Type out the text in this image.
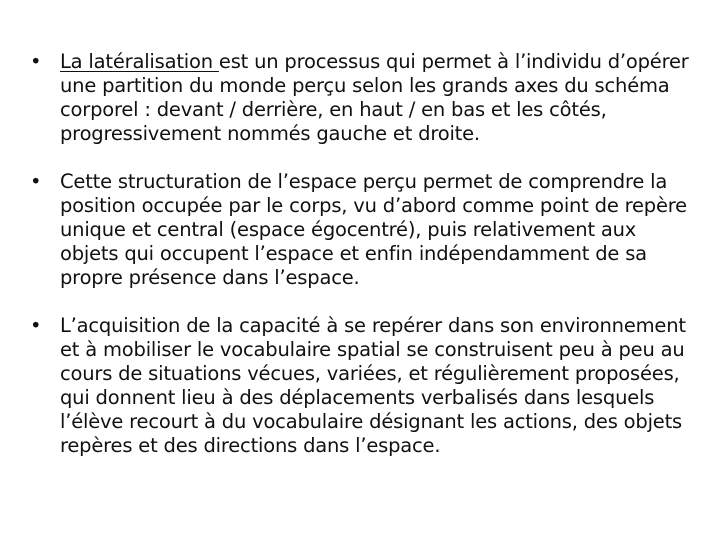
• La latéralisation est un processus qui permet à l’individu d’opérer une partition du monde perçu selon les grands axes du schéma corporel : devant / derrière, en haut / en bas et les côtés, progressivement nommés gauche et droite.
• Cette structuration de l’espace perçu permet de comprendre la position occupée par le corps, vu d’abord comme point de repère unique et central (espace égocentré), puis relativement aux objets qui occupent l’espace et enfin indépendamment de sa propre présence dans l’espace.
• L’acquisition de la capacité à se repérer dans son environnement et à mobiliser le vocabulaire spatial se construisent peu à peu au cours de situations vécues, variées, et régulièrement proposées, qui donnent lieu à des déplacements verbalisés dans lesquels l’élève recourt à du vocabulaire désignant les actions, des objets repères et des directions dans l’espace.
